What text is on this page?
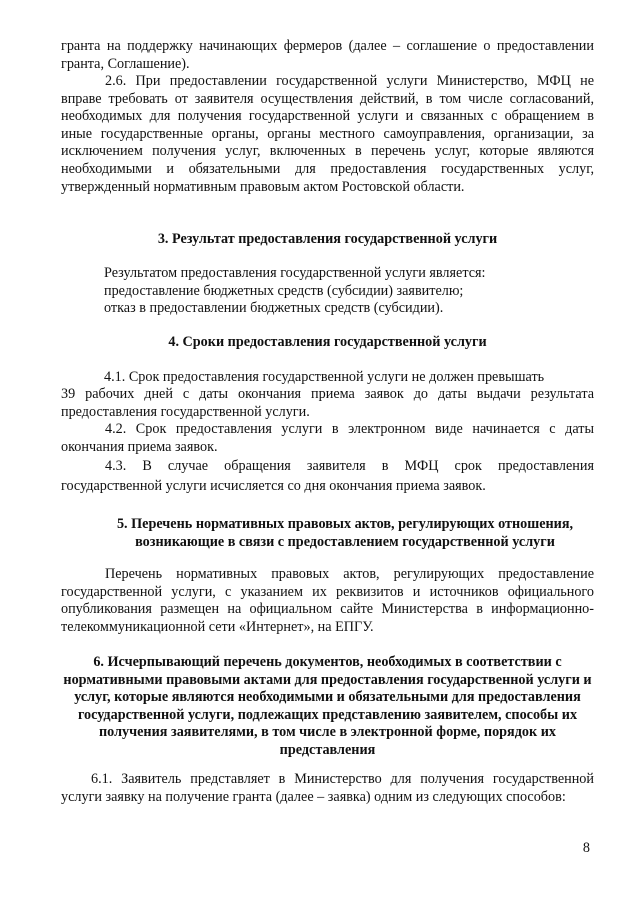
гранта на поддержку начинающих фермеров (далее – соглашение о предоставлении гранта, Соглашение).

2.6. При предоставлении государственной услуги Министерство, МФЦ не вправе требовать от заявителя осуществления действий, в том числе согласований, необходимых для получения государственной услуги и связанных с обращением в иные государственные органы, органы местного самоуправления, организации, за исключением получения услуг, включенных в перечень услуг, которые являются необходимыми и обязательными для предоставления государственных услуг, утвержденный нормативным правовым актом Ростовской области.

3. Результат предоставления государственной услуги

Результатом предоставления государственной услуги является:

предоставление бюджетных средств (субсидии) заявителю;

отказ в предоставлении бюджетных средств (субсидии).

4. Сроки предоставления государственной услуги

4.1. Срок предоставления государственной услуги не должен превышать

39 рабочих дней с даты окончания приема заявок до даты выдачи результата предоставления государственной услуги.

4.2. Срок предоставления услуги в электронном виде начинается с даты окончания приема заявок.

4.3. В случае обращения заявителя в МФЦ срок предоставления государственной услуги исчисляется со дня окончания приема заявок.

5. Перечень нормативных правовых актов, регулирующих отношения, возникающие в связи с предоставлением государственной услуги

Перечень нормативных правовых актов, регулирующих предоставление государственной услуги, с указанием их реквизитов и источников официального опубликования размещен на официальном сайте Министерства в информационно-телекоммуникационной сети «Интернет», на ЕПГУ.

6. Исчерпывающий перечень документов, необходимых в соответствии с нормативными правовыми актами для предоставления государственной услуги и услуг, которые являются необходимыми и обязательными для предоставления государственной услуги, подлежащих представлению заявителем, способы их получения заявителями, в том числе в электронной форме, порядок их представления

6.1. Заявитель представляет в Министерство для получения государственной услуги заявку на получение гранта (далее – заявка) одним из следующих способов:

8
